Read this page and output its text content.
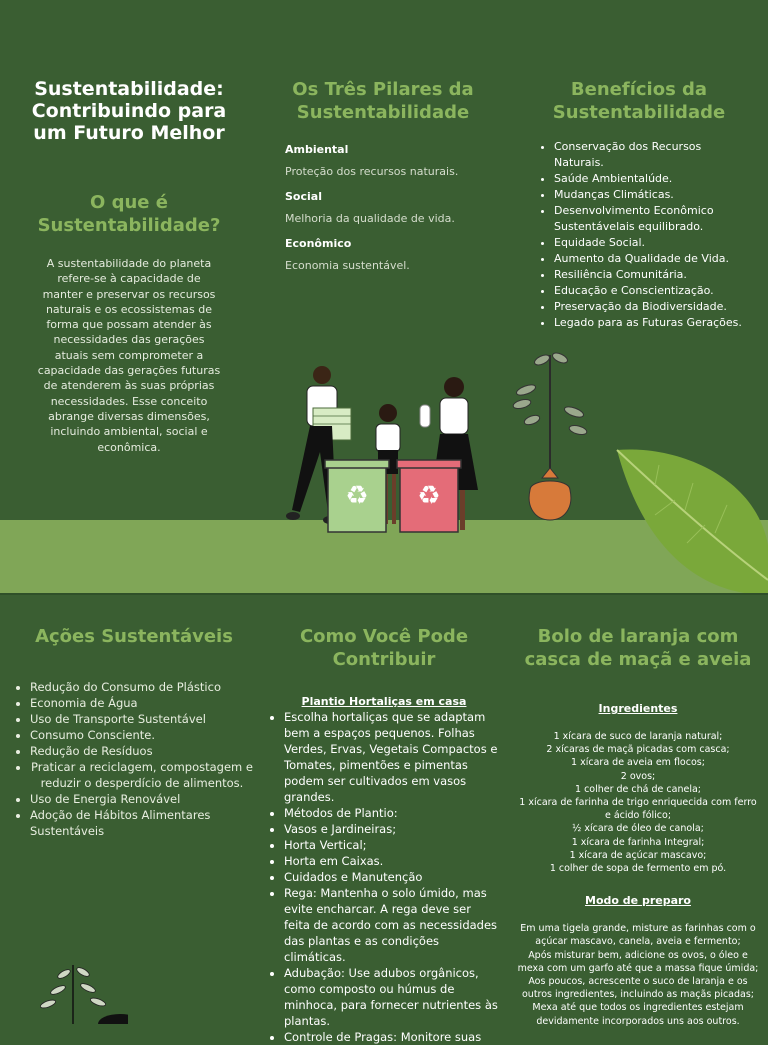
Sustentabilidade: Contribuindo para um Futuro Melhor
O que é Sustentabilidade?

A sustentabilidade do planeta refere-se à capacidade de manter e preservar os recursos naturais e os ecossistemas de forma que possam atender às necessidades das gerações atuais sem comprometer a capacidade das gerações futuras de atenderem às suas próprias necessidades. Esse conceito abrange diversas dimensões, incluindo ambiental, social e econômica.

Os Três Pilares da Sustentabilidade

Ambiental

Proteção dos recursos naturais.

Social

Melhoria da qualidade de vida.

Econômico

Economia sustentável.

Benefícios da Sustentabilidade
• Conservação dos Recursos Naturais.
• Saúde Ambientalúde.
• Mudanças Climáticas.
• Desenvolvimento Econômico Sustentávelais equilibrado.
• Equidade Social.
• Aumento da Qualidade de Vida.
• Resiliência Comunitária.
• Educação e Conscientização.
• Preservação da Biodiversidade.
• Legado para as Futuras Gerações.
♻ ♻
Ações Sustentáveis
• Redução do Consumo de Plástico
• Economia de Água
• Uso de Transporte Sustentável
• Consumo Consciente.
• Redução de Resíduos
• Praticar a reciclagem, compostagem e reduzir o desperdício de alimentos.
• Uso de Energia Renovável
• Adoção de Hábitos Alimentares Sustentáveis
Como Você Pode Contribuir
Plantio Hortaliças em casa
• Escolha hortaliças que se adaptam bem a espaços pequenos. Folhas Verdes, Ervas, Vegetais Compactos e Tomates, pimentões e pimentas podem ser cultivados em vasos grandes.
• Métodos de Plantio:
• Vasos e Jardineiras;
• Horta Vertical;
• Horta em Caixas.
• Cuidados e Manutenção
• Rega: Mantenha o solo úmido, mas evite encharcar. A rega deve ser feita de acordo com as necessidades das plantas e as condições climáticas.
• Adubação: Use adubos orgânicos, como composto ou húmus de minhoca, para fornecer nutrientes às plantas.
• Controle de Pragas: Monitore suas
Bolo de laranja com casca de maçã e aveia
Ingredientes

1 xícara de suco de laranja natural;

2 xícaras de maçã picadas com casca;

1 xícara de aveia em flocos;

2 ovos;

1 colher de chá de canela;

1 xícara de farinha de trigo enriquecida com ferro e ácido fólico;

½ xícara de óleo de canola;

1 xícara de farinha Integral;

1 xícara de açúcar mascavo;

1 colher de sopa de fermento em pó.

Modo de preparo

Em uma tigela grande, misture as farinhas com o açúcar mascavo, canela, aveia e fermento;

Após misturar bem, adicione os ovos, o óleo e mexa com um garfo até que a massa fique úmida;

Aos poucos, acrescente o suco de laranja e os outros ingredientes, incluindo as maçãs picadas;

Mexa até que todos os ingredientes estejam devidamente incorporados uns aos outros.
